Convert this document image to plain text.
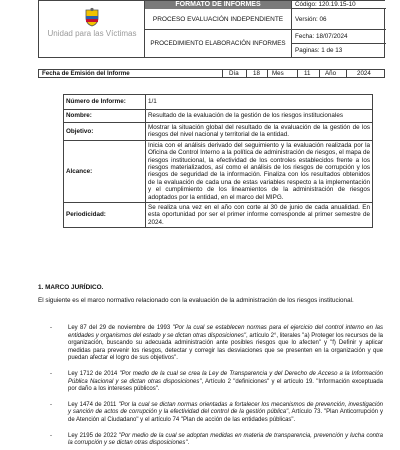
Unidad para las Víctimas
FORMATO DE INFORMES
PROCESO EVALUACIÓN INDEPENDIENTE
PROCEDIMIENTO ELABORACIÓN INFORMES
Código: 120.19.15-10
Versión: 06
Fecha: 18/07/2024
Paginas: 1 de 13
Fecha de Emisión del Informe	Día	18	Mes	11	Año	2024
Número de Informe:	1/1
Nombre:	Resultado de la evaluación de la gestión de los riesgos institucionales
Objetivo:	Mostrar la situación global del resultado de la evaluación de la gestión de los riesgos del nivel nacional y territorial de la entidad.
Alcance:	Inicia con el análisis derivado del seguimiento y la evaluación realizada por la Oficina de Control Interno a la política de administración de riesgos, el mapa de riesgos institucional, la efectividad de los controles establecidos frente a los riesgos materializados, así como el análisis de los riesgos de corrupción y los riesgos de seguridad de la información. Finaliza con los resultados obtenidos de la evaluación de cada una de estas variables respecto a la implementación y el cumplimiento de los lineamientos de la administración de riesgos adoptados por la entidad, en el marco del MIPG.
Periodicidad:	Se realiza una vez en el año con corte al 30 de junio de cada anualidad. En esta oportunidad por ser el primer informe corresponde al primer semestre de 2024.
1. MARCO JURÍDICO.
El siguiente es el marco normativo relacionado con la evaluación de la administración de los riesgos institucional.
- Ley 87 del 29 de noviembre de 1993 "Por la cual se establecen normas para el ejercicio del control interno en las entidades y organismos del estado y se dictan otras disposiciones", artículo 2°, literales "a) Proteger los recursos de la organización, buscando su adecuada administración ante posibles riesgos que lo afecten" y "f) Definir y aplicar medidas para prevenir los riesgos, detectar y corregir las desviaciones que se presenten en la organización y que puedan afectar el logro de sus objetivos".
- Ley 1712 de 2014 "Por medio de la cual se crea la Ley de Transparencia y del Derecho de Acceso a la Información Pública Nacional y se dictan otras disposiciones", Artículo 2 "definiciones" y el artículo 19. "Información exceptuada por daño a los intereses públicos".
- Ley 1474 de 2011 "Por la cual se dictan normas orientadas a fortalecer los mecanismos de prevención, investigación y sanción de actos de corrupción y la efectividad del control de la gestión pública", Artículo 73. "Plan Anticorrupción y de Atención al Ciudadano" y el artículo 74 "Plan de acción de las entidades públicas".
- Ley 2195 de 2022 "Por medio de la cual se adoptan medidas en materia de transparencia, prevención y lucha contra la corrupción y se dictan otras disposiciones".
